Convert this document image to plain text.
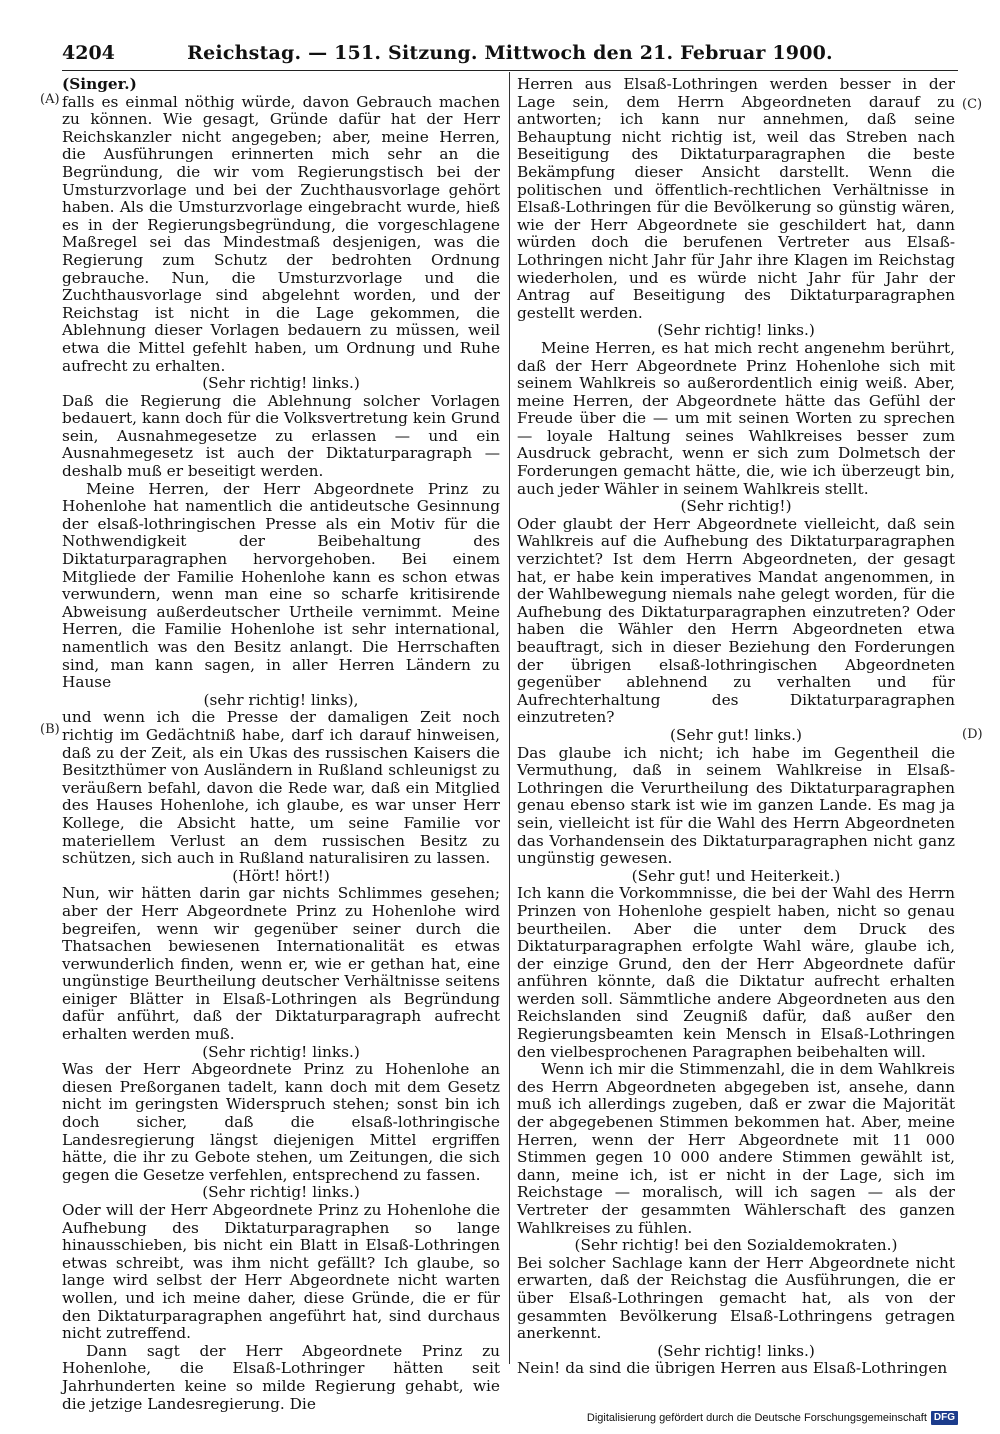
4204	Reichstag. — 151. Sitzung. Mittwoch den 21. Februar 1900.
(A)
(B)
(C)
(D)

(Singer.)

falls es einmal nöthig würde, davon Gebrauch machen zu können. Wie gesagt, Gründe dafür hat der Herr Reichskanzler nicht angegeben; aber, meine Herren, die Ausführungen erinnerten mich sehr an die Begründung, die wir vom Regierungstisch bei der Umsturzvorlage und bei der Zuchthausvorlage gehört haben. Als die Umsturzvorlage eingebracht wurde, hieß es in der Regierungsbegründung, die vorgeschlagene Maßregel sei das Mindestmaß desjenigen, was die Regierung zum Schutz der bedrohten Ordnung gebrauche. Nun, die Umsturzvorlage und die Zuchthausvorlage sind abgelehnt worden, und der Reichstag ist nicht in die Lage gekommen, die Ablehnung dieser Vorlagen bedauern zu müssen, weil etwa die Mittel gefehlt haben, um Ordnung und Ruhe aufrecht zu erhalten.

(Sehr richtig! links.)

Daß die Regierung die Ablehnung solcher Vorlagen bedauert, kann doch für die Volksvertretung kein Grund sein, Ausnahmegesetze zu erlassen — und ein Ausnahmegesetz ist auch der Diktaturparagraph — deshalb muß er beseitigt werden.

Meine Herren, der Herr Abgeordnete Prinz zu Hohenlohe hat namentlich die antideutsche Gesinnung der elsaß-lothringischen Presse als ein Motiv für die Nothwendigkeit der Beibehaltung des Diktaturparagraphen hervorgehoben. Bei einem Mitgliede der Familie Hohenlohe kann es schon etwas verwundern, wenn man eine so scharfe kritisirende Abweisung außerdeutscher Urtheile vernimmt. Meine Herren, die Familie Hohenlohe ist sehr international, namentlich was den Besitz anlangt. Die Herrschaften sind, man kann sagen, in aller Herren Ländern zu Hause

(sehr richtig! links),

und wenn ich die Presse der damaligen Zeit noch richtig im Gedächtniß habe, darf ich darauf hinweisen, daß zu der Zeit, als ein Ukas des russischen Kaisers die Besitzthümer von Ausländern in Rußland schleunigst zu veräußern befahl, davon die Rede war, daß ein Mitglied des Hauses Hohenlohe, ich glaube, es war unser Herr Kollege, die Absicht hatte, um seine Familie vor materiellem Verlust an dem russischen Besitz zu schützen, sich auch in Rußland naturalisiren zu lassen.

(Hört! hört!)

Nun, wir hätten darin gar nichts Schlimmes gesehen; aber der Herr Abgeordnete Prinz zu Hohenlohe wird begreifen, wenn wir gegenüber seiner durch die Thatsachen bewiesenen Internationalität es etwas verwunderlich finden, wenn er, wie er gethan hat, eine ungünstige Beurtheilung deutscher Verhältnisse seitens einiger Blätter in Elsaß-Lothringen als Begründung dafür anführt, daß der Diktaturparagraph aufrecht erhalten werden muß.

(Sehr richtig! links.)

Was der Herr Abgeordnete Prinz zu Hohenlohe an diesen Preßorganen tadelt, kann doch mit dem Gesetz nicht im geringsten Widerspruch stehen; sonst bin ich doch sicher, daß die elsaß-lothringische Landesregierung längst diejenigen Mittel ergriffen hätte, die ihr zu Gebote stehen, um Zeitungen, die sich gegen die Gesetze verfehlen, entsprechend zu fassen.

(Sehr richtig! links.)

Oder will der Herr Abgeordnete Prinz zu Hohenlohe die Aufhebung des Diktaturparagraphen so lange hinausschieben, bis nicht ein Blatt in Elsaß-Lothringen etwas schreibt, was ihm nicht gefällt? Ich glaube, so lange wird selbst der Herr Abgeordnete nicht warten wollen, und ich meine daher, diese Gründe, die er für den Diktaturparagraphen angeführt hat, sind durchaus nicht zutreffend.

Dann sagt der Herr Abgeordnete Prinz zu Hohenlohe, die Elsaß-Lothringer hätten seit Jahrhunderten keine so milde Regierung gehabt, wie die jetzige Landesregierung. Die

Herren aus Elsaß-Lothringen werden besser in der Lage sein, dem Herrn Abgeordneten darauf zu antworten; ich kann nur annehmen, daß seine Behauptung nicht richtig ist, weil das Streben nach Beseitigung des Diktaturparagraphen die beste Bekämpfung dieser Ansicht darstellt. Wenn die politischen und öffentlich-rechtlichen Verhältnisse in Elsaß-Lothringen für die Bevölkerung so günstig wären, wie der Herr Abgeordnete sie geschildert hat, dann würden doch die berufenen Vertreter aus Elsaß-Lothringen nicht Jahr für Jahr ihre Klagen im Reichstag wiederholen, und es würde nicht Jahr für Jahr der Antrag auf Beseitigung des Diktaturparagraphen gestellt werden.

(Sehr richtig! links.)

Meine Herren, es hat mich recht angenehm berührt, daß der Herr Abgeordnete Prinz Hohenlohe sich mit seinem Wahlkreis so außerordentlich einig weiß. Aber, meine Herren, der Abgeordnete hätte das Gefühl der Freude über die — um mit seinen Worten zu sprechen — loyale Haltung seines Wahlkreises besser zum Ausdruck gebracht, wenn er sich zum Dolmetsch der Forderungen gemacht hätte, die, wie ich überzeugt bin, auch jeder Wähler in seinem Wahlkreis stellt.

(Sehr richtig!)

Oder glaubt der Herr Abgeordnete vielleicht, daß sein Wahlkreis auf die Aufhebung des Diktaturparagraphen verzichtet? Ist dem Herrn Abgeordneten, der gesagt hat, er habe kein imperatives Mandat angenommen, in der Wahlbewegung niemals nahe gelegt worden, für die Aufhebung des Diktaturparagraphen einzutreten? Oder haben die Wähler den Herrn Abgeordneten etwa beauftragt, sich in dieser Beziehung den Forderungen der übrigen elsaß-lothringischen Abgeordneten gegenüber ablehnend zu verhalten und für Aufrechterhaltung des Diktaturparagraphen einzutreten?

(Sehr gut! links.)

Das glaube ich nicht; ich habe im Gegentheil die Vermuthung, daß in seinem Wahlkreise in Elsaß-Lothringen die Verurtheilung des Diktaturparagraphen genau ebenso stark ist wie im ganzen Lande. Es mag ja sein, vielleicht ist für die Wahl des Herrn Abgeordneten das Vorhandensein des Diktaturparagraphen nicht ganz ungünstig gewesen.

(Sehr gut! und Heiterkeit.)

Ich kann die Vorkommnisse, die bei der Wahl des Herrn Prinzen von Hohenlohe gespielt haben, nicht so genau beurtheilen. Aber die unter dem Druck des Diktaturparagraphen erfolgte Wahl wäre, glaube ich, der einzige Grund, den der Herr Abgeordnete dafür anführen könnte, daß die Diktatur aufrecht erhalten werden soll. Sämmtliche andere Abgeordneten aus den Reichslanden sind Zeugniß dafür, daß außer den Regierungsbeamten kein Mensch in Elsaß-Lothringen den vielbesprochenen Paragraphen beibehalten will.

Wenn ich mir die Stimmenzahl, die in dem Wahlkreis des Herrn Abgeordneten abgegeben ist, ansehe, dann muß ich allerdings zugeben, daß er zwar die Majorität der abgegebenen Stimmen bekommen hat. Aber, meine Herren, wenn der Herr Abgeordnete mit 11 000 Stimmen gegen 10 000 andere Stimmen gewählt ist, dann, meine ich, ist er nicht in der Lage, sich im Reichstage — moralisch, will ich sagen — als der Vertreter der gesammten Wählerschaft des ganzen Wahlkreises zu fühlen.

(Sehr richtig! bei den Sozialdemokraten.)

Bei solcher Sachlage kann der Herr Abgeordnete nicht erwarten, daß der Reichstag die Ausführungen, die er über Elsaß-Lothringen gemacht hat, als von der gesammten Bevölkerung Elsaß-Lothringens getragen anerkennt.

(Sehr richtig! links.)

Nein! da sind die übrigen Herren aus Elsaß-Lothringen

Digitalisierung gefördert durch die Deutsche Forschungsgemeinschaft DFG
